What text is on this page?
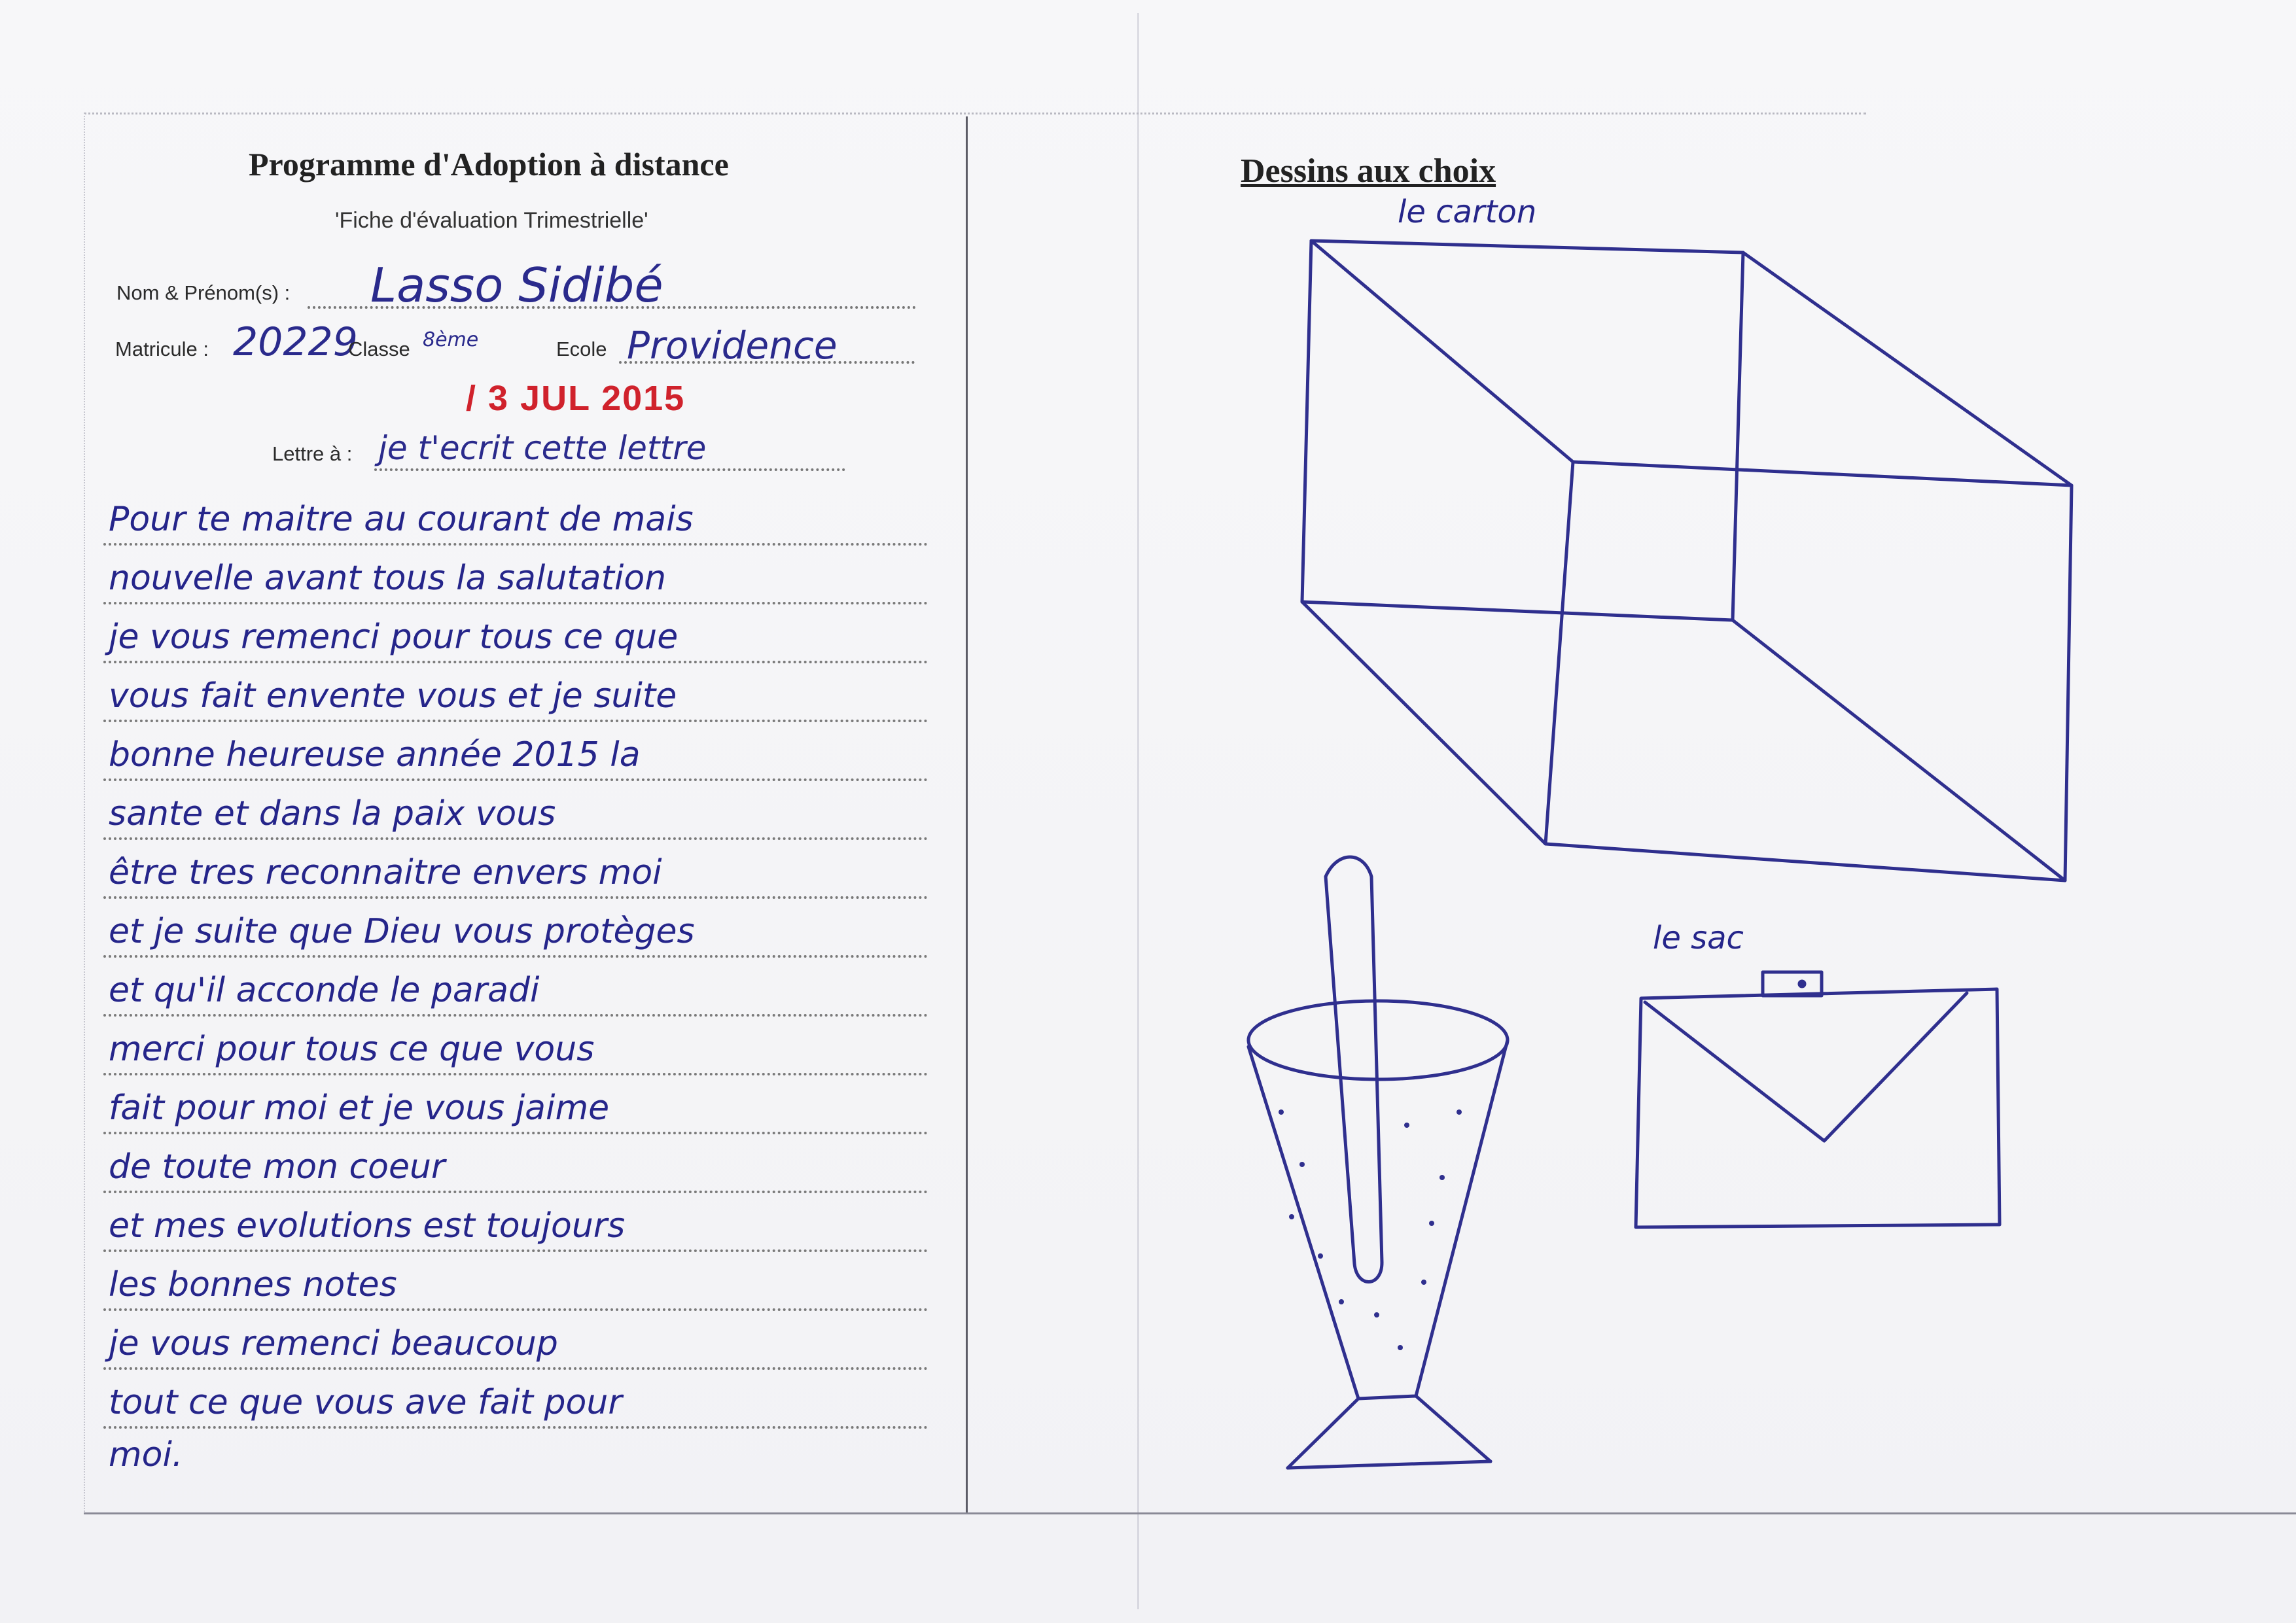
Programme d'Adoption à distance
'Fiche d'évaluation Trimestrielle'
Nom & Prénom(s) : Lasso Sidibé
Matricule : 20229
Classe 8ème	Ecole Providence
/ 3 JUL 2015
Lettre à : je t'ecrit cette lettre
Pour te maitre au courant de mais
nouvelle avant tous la salutation
je vous remenci pour tous ce que
vous fait envente vous et je suite
bonne heureuse année 2015 la
sante et dans la paix vous
être tres reconnaitre envers moi
et je suite que Dieu vous protèges
et qu'il acconde le paradi
merci pour tous ce que vous
fait pour moi et je vous jaime
de toute mon coeur
et mes evolutions est toujours
les bonnes notes
je vous remenci beaucoup
tout ce que vous ave fait pour
moi.
Dessins aux choix
le carton
le sac
